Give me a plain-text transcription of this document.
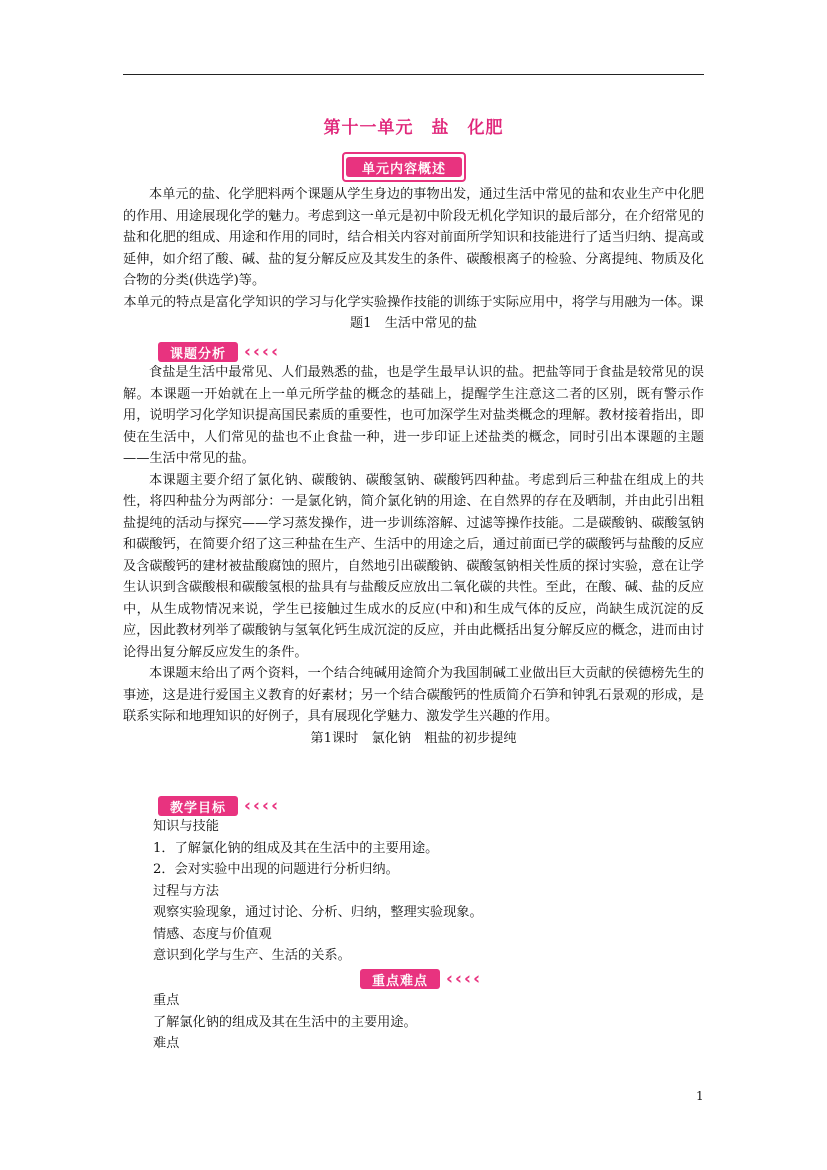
第十一单元　盐　化肥
单元内容概述

本单元的盐、化学肥料两个课题从学生身边的事物出发，通过生活中常见的盐和农业生产中化肥的作用、用途展现化学的魅力。考虑到这一单元是初中阶段无机化学知识的最后部分，在介绍常见的盐和化肥的组成、用途和作用的同时，结合相关内容对前面所学知识和技能进行了适当归纳、提高或延伸，如介绍了酸、碱、盐的复分解反应及其发生的条件、碳酸根离子的检验、分离提纯、物质及化合物的分类(供选学)等。

本单元的特点是富化学知识的学习与化学实验操作技能的训练于实际应用中，将学与用融为一体。课题1　生活中常见的盐

课题分析	‹ ‹ ‹ ‹

食盐是生活中最常见、人们最熟悉的盐，也是学生最早认识的盐。把盐等同于食盐是较常见的误解。本课题一开始就在上一单元所学盐的概念的基础上，提醒学生注意这二者的区别，既有警示作用，说明学习化学知识提高国民素质的重要性，也可加深学生对盐类概念的理解。教材接着指出，即使在生活中，人们常见的盐也不止食盐一种，进一步印证上述盐类的概念，同时引出本课题的主题——生活中常见的盐。

本课题主要介绍了氯化钠、碳酸钠、碳酸氢钠、碳酸钙四种盐。考虑到后三种盐在组成上的共性，将四种盐分为两部分：一是氯化钠，简介氯化钠的用途、在自然界的存在及晒制，并由此引出粗盐提纯的活动与探究——学习蒸发操作，进一步训练溶解、过滤等操作技能。二是碳酸钠、碳酸氢钠和碳酸钙，在简要介绍了这三种盐在生产、生活中的用途之后，通过前面已学的碳酸钙与盐酸的反应及含碳酸钙的建材被盐酸腐蚀的照片，自然地引出碳酸钠、碳酸氢钠相关性质的探讨实验，意在让学生认识到含碳酸根和碳酸氢根的盐具有与盐酸反应放出二氧化碳的共性。至此，在酸、碱、盐的反应中，从生成物情况来说，学生已接触过生成水的反应(中和)和生成气体的反应，尚缺生成沉淀的反应，因此教材列举了碳酸钠与氢氧化钙生成沉淀的反应，并由此概括出复分解反应的概念，进而由讨论得出复分解反应发生的条件。

本课题末给出了两个资料，一个结合纯碱用途简介为我国制碱工业做出巨大贡献的侯德榜先生的事迹，这是进行爱国主义教育的好素材；另一个结合碳酸钙的性质简介石笋和钟乳石景观的形成，是联系实际和地理知识的好例子，具有展现化学魅力、激发学生兴趣的作用。

第1课时　氯化钠　粗盐的初步提纯

教学目标	‹ ‹ ‹ ‹

知识与技能

1．了解氯化钠的组成及其在生活中的主要用途。

2．会对实验中出现的问题进行分析归纳。

过程与方法

观察实验现象，通过讨论、分析、归纳，整理实验现象。

情感、态度与价值观

意识到化学与生产、生活的关系。

重点难点	‹ ‹ ‹ ‹

重点

了解氯化钠的组成及其在生活中的主要用途。

难点

1
